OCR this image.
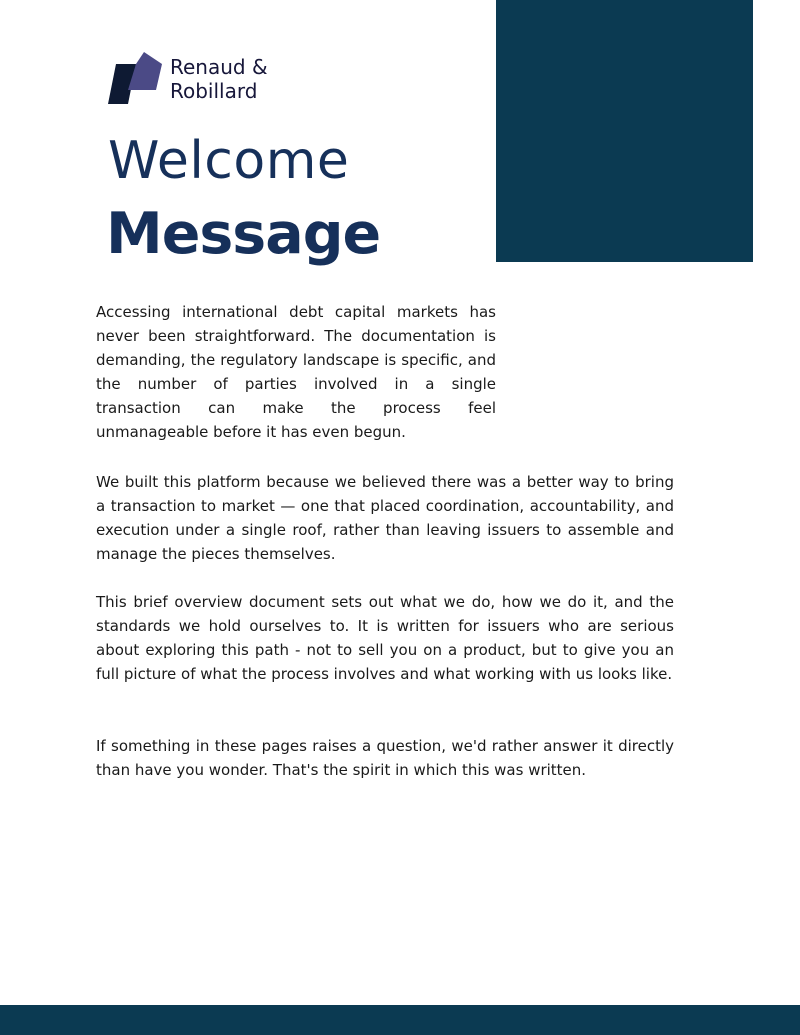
Renaud &
Robillard
Welcome
Message

Accessing international debt capital markets has never been straightforward. The documentation is demanding, the regulatory landscape is specific, and the number of parties involved in a single transaction can make the process feel unmanageable before it has even begun.

We built this platform because we believed there was a better way to bring a transaction to market — one that placed coordination, accountability, and execution under a single roof, rather than leaving issuers to assemble and manage the pieces themselves.

This brief overview document sets out what we do, how we do it, and the standards we hold ourselves to. It is written for issuers who are serious about exploring this path - not to sell you on a product, but to give you an full picture of what the process involves and what working with us looks like.

If something in these pages raises a question, we'd rather answer it directly than have you wonder. That's the spirit in which this was written.
